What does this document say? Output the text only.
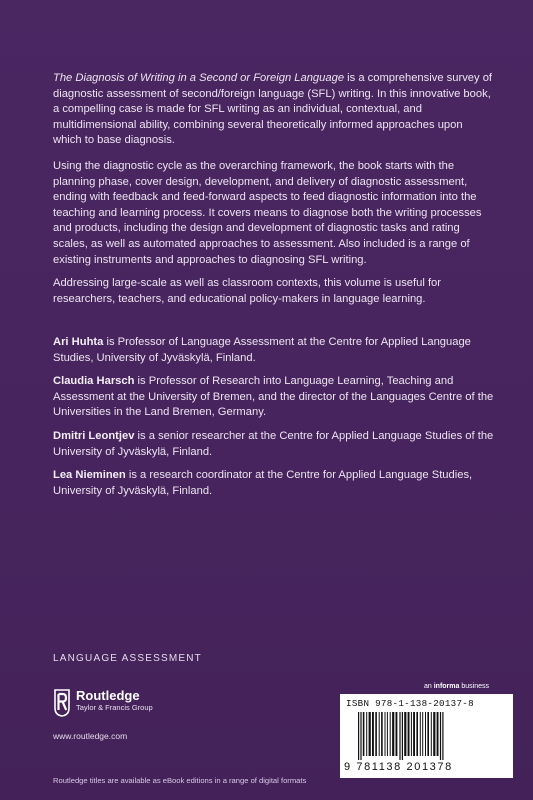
The Diagnosis of Writing in a Second or Foreign Language is a comprehensive survey of diagnostic assessment of second/foreign language (SFL) writing. In this innovative book, a compelling case is made for SFL writing as an individual, contextual, and multidimensional ability, combining several theoretically informed approaches upon which to base diagnosis.

Using the diagnostic cycle as the overarching framework, the book starts with the planning phase, cover design, development, and delivery of diagnostic assessment, ending with feedback and feed-forward aspects to feed diagnostic information into the teaching and learning process. It covers means to diagnose both the writing processes and products, including the design and development of diagnostic tasks and rating scales, as well as automated approaches to assessment. Also included is a range of existing instruments and approaches to diagnosing SFL writing.

Addressing large-scale as well as classroom contexts, this volume is useful for researchers, teachers, and educational policy-makers in language learning.

Ari Huhta is Professor of Language Assessment at the Centre for Applied Language Studies, University of Jyväskylä, Finland.

Claudia Harsch is Professor of Research into Language Learning, Teaching and Assessment at the University of Bremen, and the director of the Languages Centre of the Universities in the Land Bremen, Germany.

Dmitri Leontjev is a senior researcher at the Centre for Applied Language Studies of the University of Jyväskylä, Finland.

Lea Nieminen is a research coordinator at the Centre for Applied Language Studies, University of Jyväskylä, Finland.

LANGUAGE ASSESSMENT
Routledge
Taylor & Francis Group
www.routledge.com
Routledge titles are available as eBook editions in a range of digital formats
an informa business
ISBN 978-1-138-20137-8
9 781138 201378
